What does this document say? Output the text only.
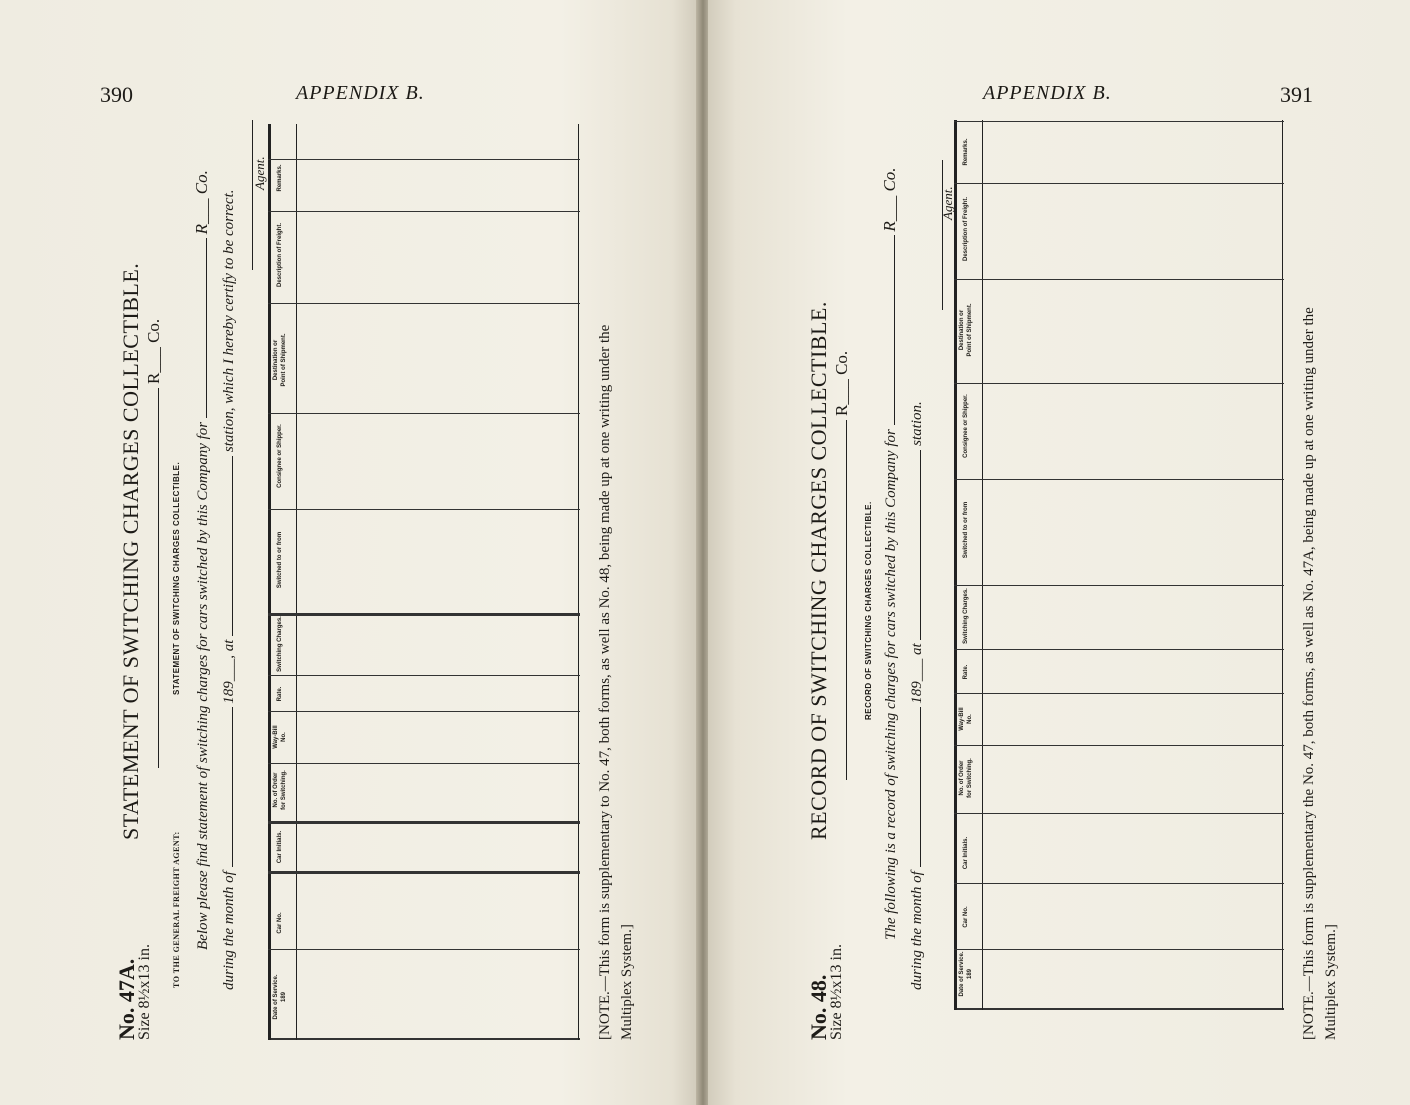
390	APPENDIX B.
No. 47A.
Size 8½x13 in.
STATEMENT OF SWITCHING CHARGES COLLECTIBLE. R___ Co.
STATEMENT OF SWITCHING CHARGES COLLECTIBLE.
TO THE GENERAL FREIGHT AGENT: Below please find statement of switching charges for cars switched by this Company for  R___ Co.
during the month of  189___, at  station, which I hereby certify to be correct.
Agent.
Date of Service. 189
Car No.
Car Initials.
No. of Order for Switching.
Way-Bill No.
Rate.
Switching Charges.
Switched to or from
Consignee or Shipper.
Destination or Point of Shipment.
Description of Freight.
Remarks.
[NOTE.—This form is supplementary to No. 47, both forms, as well as No. 48, being made up at one writing under the Multiplex System.]
APPENDIX B.	391
No. 48.
Size 8½x13 in.
RECORD OF SWITCHING CHARGES COLLECTIBLE. R___ Co.
RECORD OF SWITCHING CHARGES COLLECTIBLE. The following is a record of switching charges for cars switched by this Company for  R___ Co.
during the month of  189___ at  station.
Agent.
Date of Service. 189
Car No.
Car Initials.
No. of Order for Switching.
Way-Bill No.
Rate.
Switching Charges.
Switched to or from
Consignee or Shipper.
Destination or Point of Shipment.
Description of Freight.
Remarks.
[NOTE.—This form is supplementary the No. 47, both forms, as well as No. 47A, being made up at one writing under the Multiplex System.]
